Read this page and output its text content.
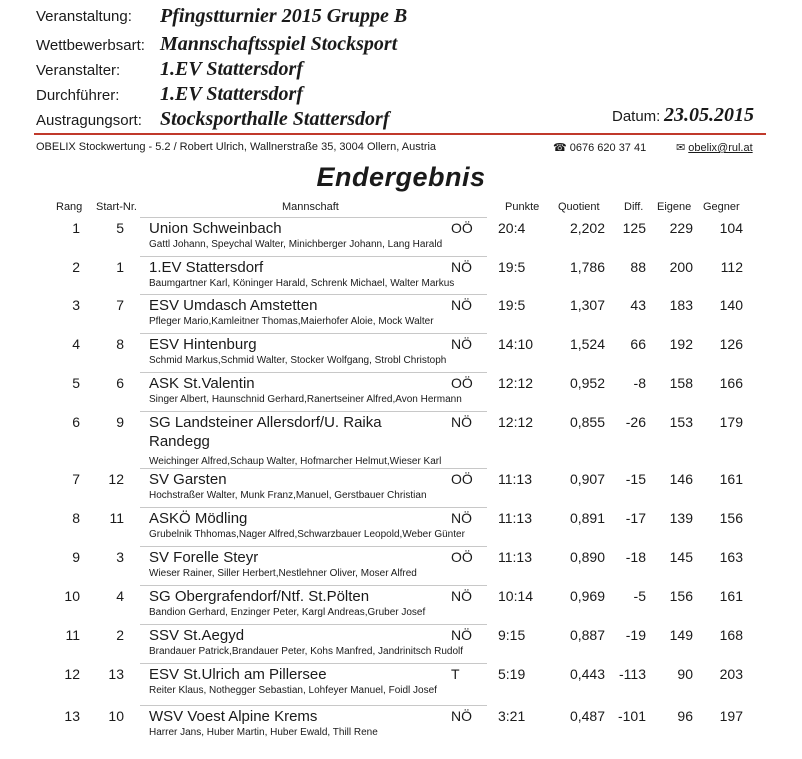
Veranstaltung: Pfingstturnier 2015 Gruppe B
Wettbewerbsart: Mannschaftsspiel Stocksport
Veranstalter: 1.EV Stattersdorf
Durchführer: 1.EV Stattersdorf
Austragungsort: Stocksporthalle Stattersdorf	Datum: 23.05.2015
OBELIX Stockwertung - 5.2 / Robert Ulrich, Wallnerstraße 35, 3004 Ollern, Austria	☎ 0676 620 37 41	✉ obelix@rul.at
Endergebnis
Rang Start-Nr.	Mannschaft	Punkte Quotient Diff. Eigene Gegner
Union Schweinbach
1	5	OÖ	20:4	2,202	125	229	104
Gattl Johann, Speychal Walter, Minichberger Johann, Lang Harald
1.EV Stattersdorf
2	1	NÖ	19:5	1,786	88	200	112
Baumgartner Karl, Köninger Harald, Schrenk Michael, Walter Markus
ESV Umdasch Amstetten
3	7	NÖ	19:5	1,307	43	183	140
Pfleger Mario,Kamleitner Thomas,Maierhofer Aloie, Mock Walter
ESV Hintenburg
4	8	NÖ	14:10	1,524	66	192	126
Schmid Markus,Schmid Walter, Stocker Wolfgang, Strobl Christoph
ASK St.Valentin
5	6	OÖ	12:12	0,952	-8	158	166
Singer Albert, Haunschnid Gerhard,Ranertseiner Alfred,Avon Hermann
SG Landsteiner Allersdorf/U. Raika Randegg
6	9	NÖ	12:12	0,855	-26	153	179
Weichinger Alfred,Schaup Walter, Hofmarcher Helmut,Wieser Karl
SV Garsten
7	12	OÖ	11:13	0,907	-15	146	161
Hochstraßer Walter, Munk Franz,Manuel, Gerstbauer Christian
ASKÖ Mödling
8	11	NÖ	11:13	0,891	-17	139	156
Grubelnik Thhomas,Nager Alfred,Schwarzbauer Leopold,Weber Günter
SV Forelle Steyr
9	3	OÖ	11:13	0,890	-18	145	163
Wieser Rainer, Siller Herbert,Nestlehner Oliver, Moser Alfred
SG Obergrafendorf/Ntf. St.Pölten
10	4	NÖ	10:14	0,969	-5	156	161
Bandion Gerhard, Enzinger Peter, Kargl Andreas,Gruber Josef
SSV St.Aegyd
11	2	NÖ	9:15	0,887	-19	149	168
Brandauer Patrick,Brandauer Peter, Kohs Manfred, Jandrinitsch Rudolf
ESV St.Ulrich am Pillersee
12	13	T	5:19	0,443	-113	90	203
Reiter Klaus, Nothegger Sebastian, Lohfeyer Manuel, Foidl Josef
WSV Voest Alpine Krems
13	10	NÖ	3:21	0,487 -101	96	197
Harrer Jans, Huber Martin, Huber Ewald, Thill Rene
